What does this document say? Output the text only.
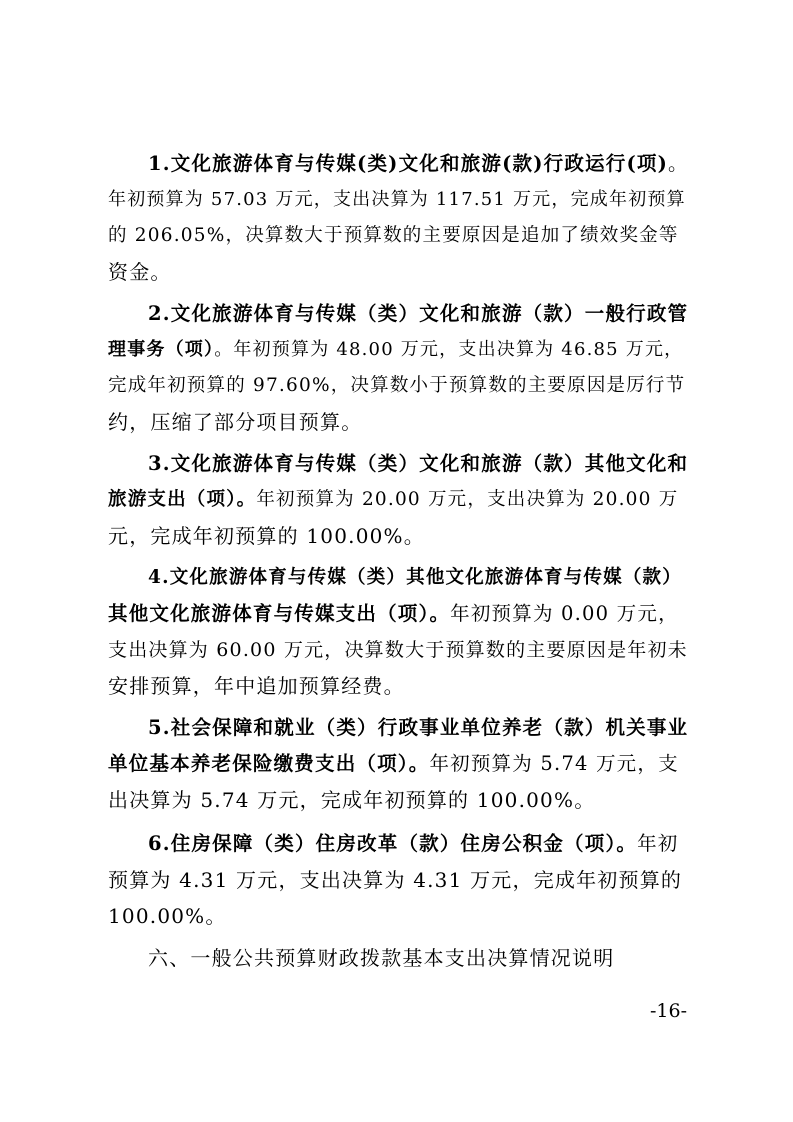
1.文化旅游体育与传媒(类)文化和旅游(款)行政运行(项)。
年初预算为 57.03 万元，支出决算为 117.51 万元，完成年初预算
的 206.05%，决算数大于预算数的主要原因是追加了绩效奖金等
资金。
2.文化旅游体育与传媒（类）文化和旅游（款）一般行政管
理事务（项）。年初预算为 48.00 万元，支出决算为 46.85 万元，
完成年初预算的 97.60%，决算数小于预算数的主要原因是厉行节
约，压缩了部分项目预算。
3.文化旅游体育与传媒（类）文化和旅游（款）其他文化和
旅游支出（项）。年初预算为 20.00 万元，支出决算为 20.00 万
元，完成年初预算的 100.00%。
4.文化旅游体育与传媒（类）其他文化旅游体育与传媒（款）
其他文化旅游体育与传媒支出（项）。年初预算为 0.00 万元，
支出决算为 60.00 万元，决算数大于预算数的主要原因是年初未
安排预算，年中追加预算经费。
5.社会保障和就业（类）行政事业单位养老（款）机关事业
单位基本养老保险缴费支出（项）。年初预算为 5.74 万元，支
出决算为 5.74 万元，完成年初预算的 100.00%。
6.住房保障（类）住房改革（款）住房公积金（项）。年初
预算为 4.31 万元，支出决算为 4.31 万元，完成年初预算的
100.00%。
六、一般公共预算财政拨款基本支出决算情况说明
-16-
